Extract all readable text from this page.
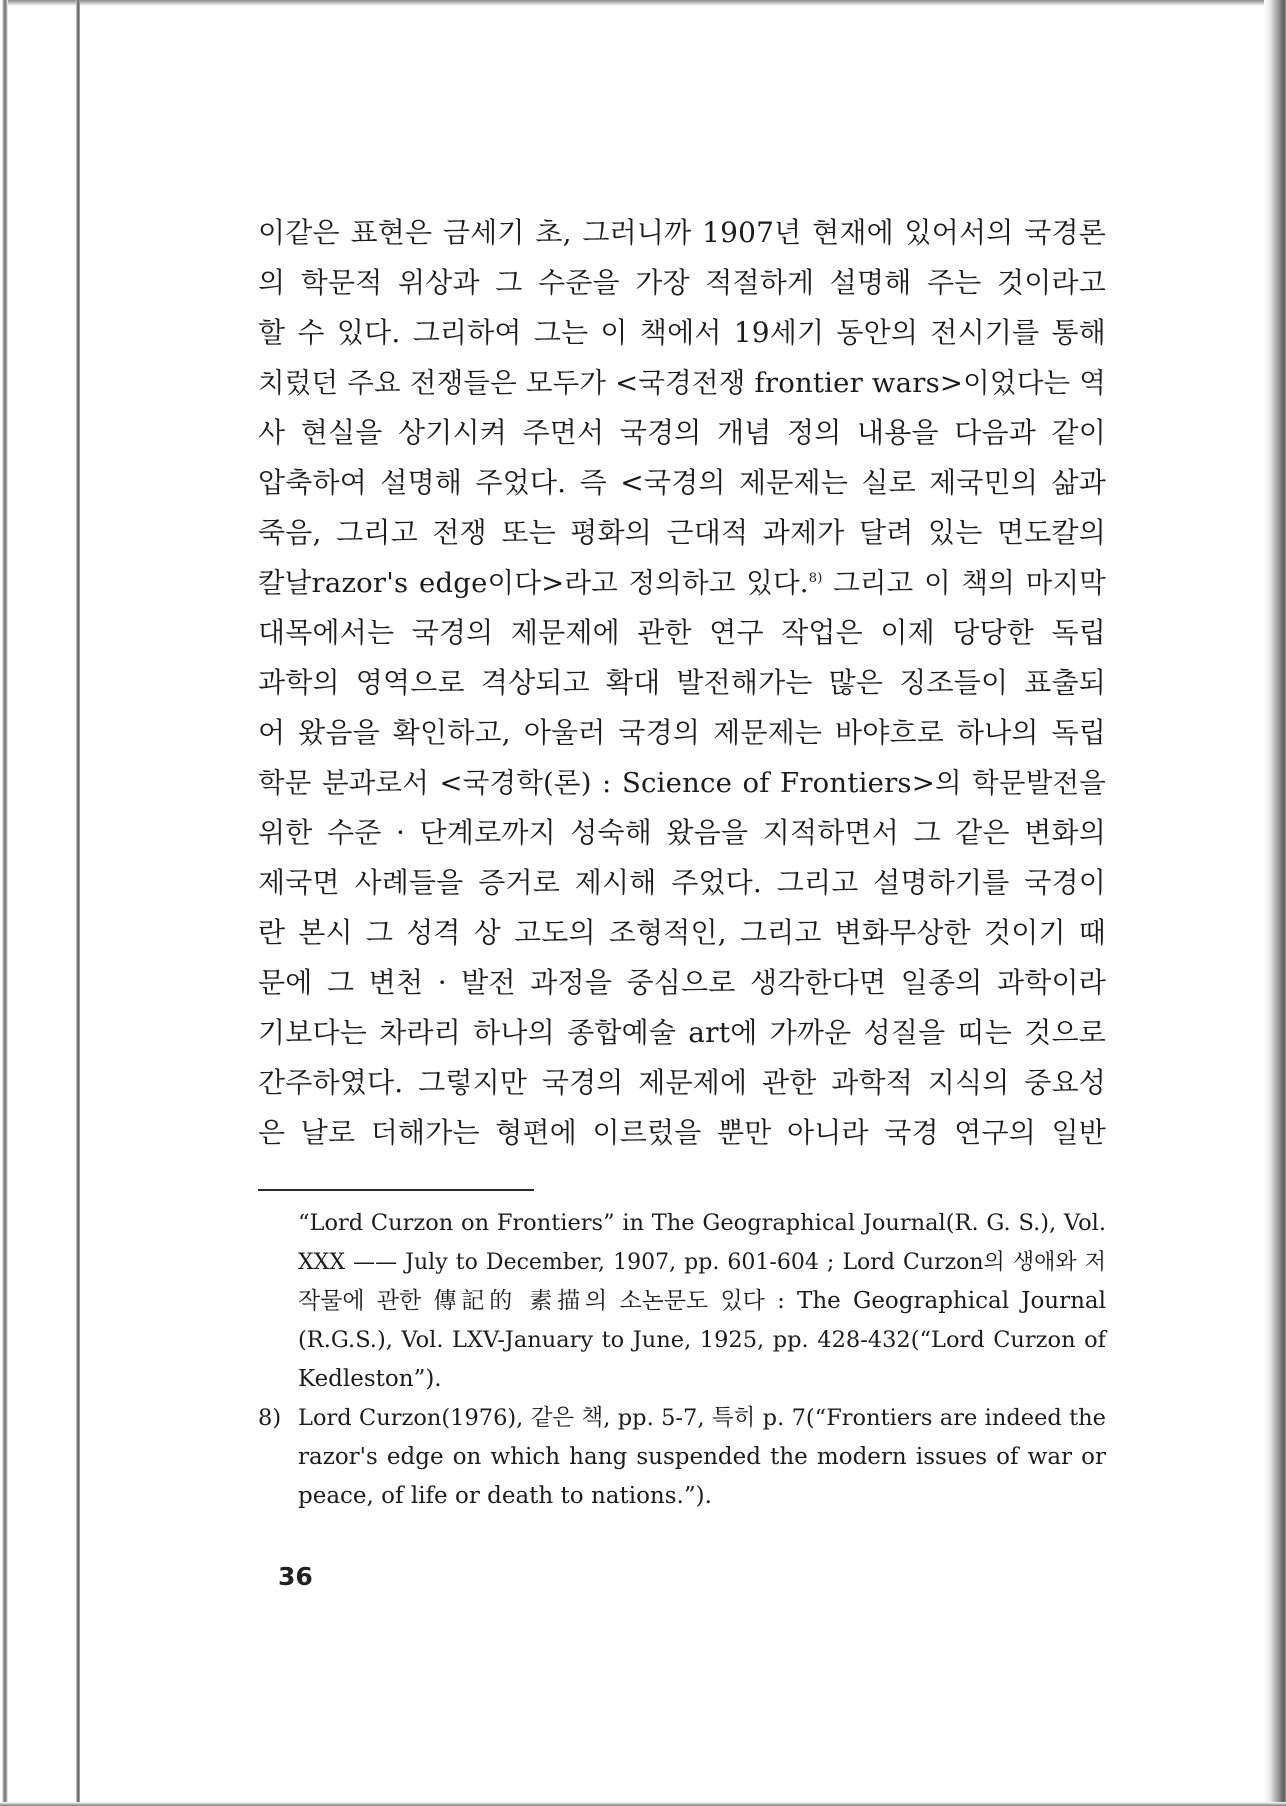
이같은 표현은 금세기 초, 그러니까 1907년 현재에 있어서의 국경론
의 학문적 위상과 그 수준을 가장 적절하게 설명해 주는 것이라고
할 수 있다. 그리하여 그는 이 책에서 19세기 동안의 전시기를 통해
치렀던 주요 전쟁들은 모두가 <국경전쟁 frontier wars>이었다는 역
사 현실을 상기시켜 주면서 국경의 개념 정의 내용을 다음과 같이
압축하여 설명해 주었다. 즉 <국경의 제문제는 실로 제국민의 삶과
죽음, 그리고 전쟁 또는 평화의 근대적 과제가 달려 있는 면도칼의
칼날razor's edge이다>라고 정의하고 있다.$^{8)}$ 그리고 이 책의 마지막
대목에서는 국경의 제문제에 관한 연구 작업은 이제 당당한 독립
과학의 영역으로 격상되고 확대 발전해가는 많은 징조들이 표출되
어 왔음을 확인하고, 아울러 국경의 제문제는 바야흐로 하나의 독립
학문 분과로서 <국경학(론) : Science of Frontiers>의 학문발전을
위한 수준 · 단계로까지 성숙해 왔음을 지적하면서 그 같은 변화의
제국면 사례들을 증거로 제시해 주었다. 그리고 설명하기를 국경이
란 본시 그 성격 상 고도의 조형적인, 그리고 변화무상한 것이기 때
문에 그 변천 · 발전 과정을 중심으로 생각한다면 일종의 과학이라
기보다는 차라리 하나의 종합예술 art에 가까운 성질을 띠는 것으로
간주하였다. 그렇지만 국경의 제문제에 관한 과학적 지식의 중요성
은 날로 더해가는 형편에 이르렀을 뿐만 아니라 국경 연구의 일반
“Lord Curzon on Frontiers” in The Geographical Journal(R. G. S.), Vol.
XXX —— July to December, 1907, pp. 601-604 ; Lord Curzon의 생애와 저
작물에 관한 傳記的 素描의 소논문도 있다 : The Geographical Journal
(R.G.S.), Vol. LXV-January to June, 1925, pp. 428-432(“Lord Curzon of
Kedleston”).
8) Lord Curzon(1976), 같은 책, pp. 5-7, 특히 p. 7(“Frontiers are indeed the
razor's edge on which hang suspended the modern issues of war or
peace, of life or death to nations.”).
36
